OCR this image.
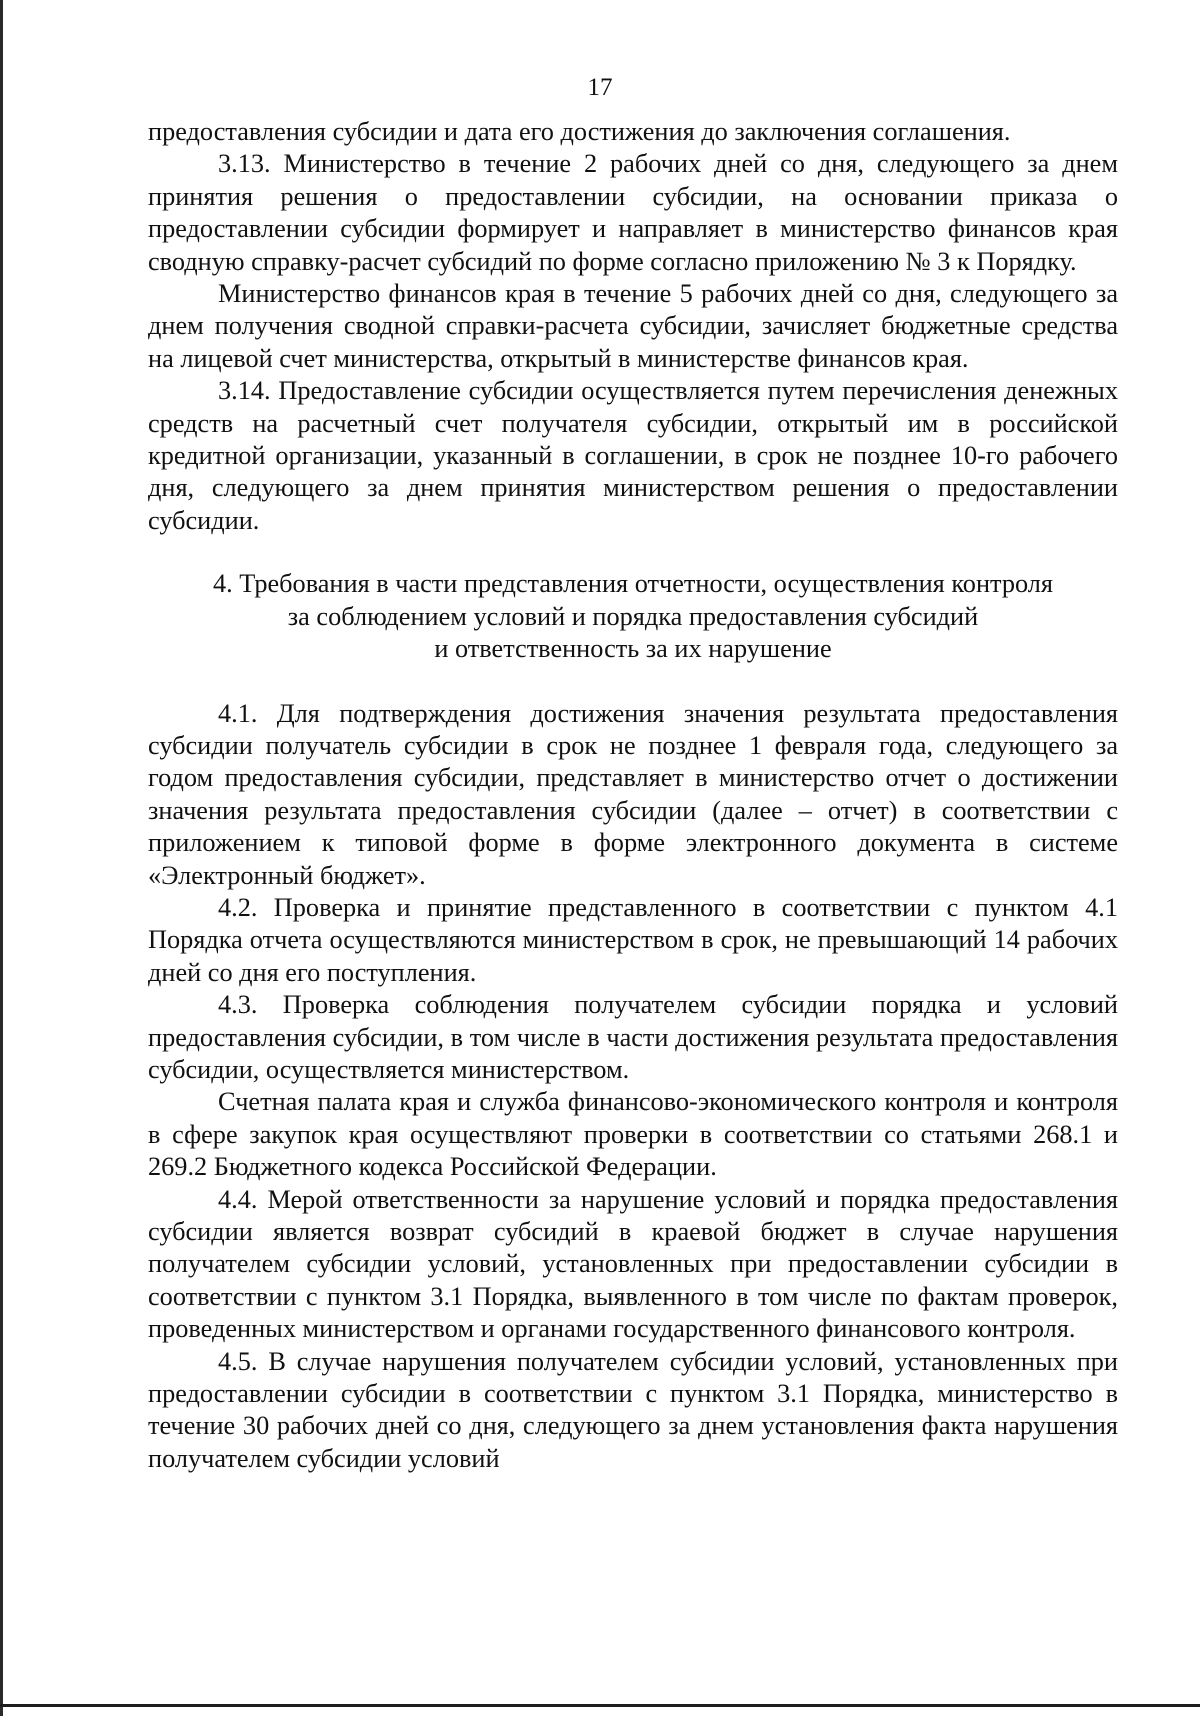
17

предоставления субсидии и дата его достижения до заключения соглашения.

3.13. Министерство в течение 2 рабочих дней со дня, следующего за днем принятия решения о предоставлении субсидии, на основании приказа о предоставлении субсидии формирует и направляет в министерство финансов края сводную справку-расчет субсидий по форме согласно приложению № 3 к Порядку.

Министерство финансов края в течение 5 рабочих дней со дня, следующего за днем получения сводной справки-расчета субсидии, зачисляет бюджетные средства на лицевой счет министерства, открытый в министерстве финансов края.

3.14. Предоставление субсидии осуществляется путем перечисления денежных средств на расчетный счет получателя субсидии, открытый им в российской кредитной организации, указанный в соглашении, в срок не позднее 10-го рабочего дня, следующего за днем принятия министерством решения о предоставлении субсидии.

4. Требования в части представления отчетности, осуществления контроля
за соблюдением условий и порядка предоставления субсидий
и ответственность за их нарушение

4.1. Для подтверждения достижения значения результата предоставления субсидии получатель субсидии в срок не позднее 1 февраля года, следующего за годом предоставления субсидии, представляет в министерство отчет о достижении значения результата предоставления субсидии (далее – отчет) в соответствии с приложением к типовой форме в форме электронного документа в системе «Электронный бюджет».

4.2. Проверка и принятие представленного в соответствии с пунктом 4.1 Порядка отчета осуществляются министерством в срок, не превышающий 14 рабочих дней со дня его поступления.

4.3. Проверка соблюдения получателем субсидии порядка и условий предоставления субсидии, в том числе в части достижения результата предоставления субсидии, осуществляется министерством.

Счетная палата края и служба финансово-экономического контроля и контроля в сфере закупок края осуществляют проверки в соответствии со статьями 268.1 и 269.2 Бюджетного кодекса Российской Федерации.

4.4. Мерой ответственности за нарушение условий и порядка предоставления субсидии является возврат субсидий в краевой бюджет в случае нарушения получателем субсидии условий, установленных при предоставлении субсидии в соответствии с пунктом 3.1 Порядка, выявленного в том числе по фактам проверок, проведенных министерством и органами государственного финансового контроля.

4.5. В случае нарушения получателем субсидии условий, установленных при предоставлении субсидии в соответствии с пунктом 3.1 Порядка, министерство в течение 30 рабочих дней со дня, следующего за днем установления факта нарушения получателем субсидии условий
